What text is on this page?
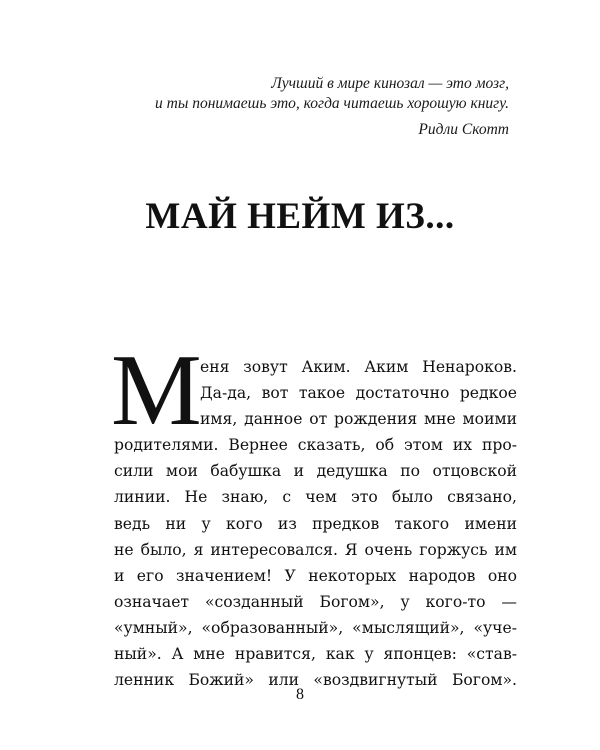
Лучший в мире кинозал — это мозг,
и ты понимаешь это, когда читаешь хорошую книгу.
Ридли Скотт
МАЙ НЕЙМ ИЗ...
М
еня зовут Аким. Аким Ненароков.
Да-да, вот такое достаточно редкое
имя, данное от рождения мне моими
родителями. Вернее сказать, об этом их про-
сили мои бабушка и дедушка по отцовской
линии. Не знаю, с чем это было связано,
ведь ни у кого из предков такого имени
не было, я интересовался. Я очень горжусь им
и его значением! У некоторых народов оно
означает «созданный Богом», у кого-то —
«умный», «образованный», «мыслящий», «уче-
ный». А мне нравится, как у японцев: «став-
ленник Божий» или «воздвигнутый Богом».
8
